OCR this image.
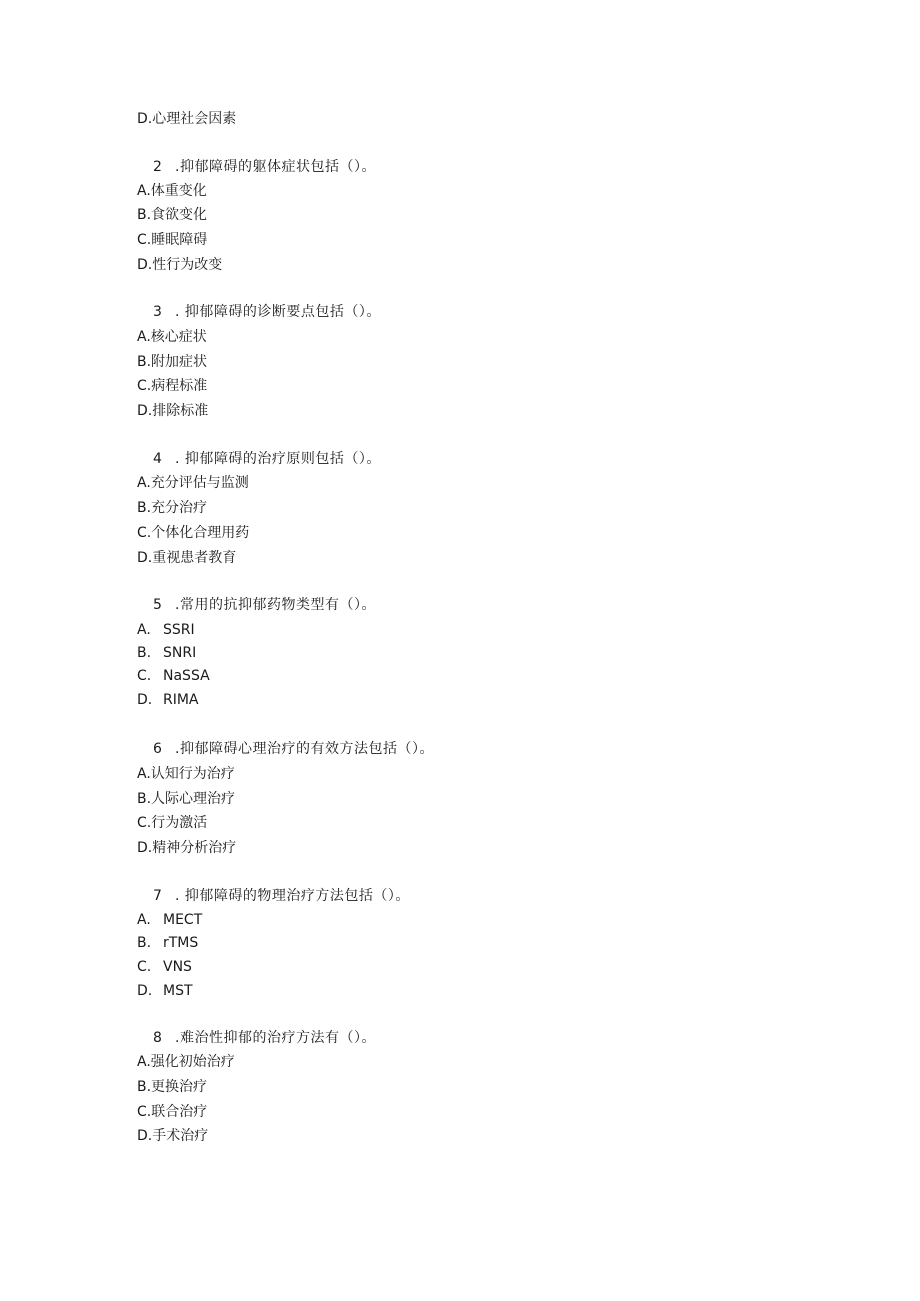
D.心理社会因素
2 .抑郁障碍的躯体症状包括（）。
A.体重变化
B.食欲变化
C.睡眠障碍
D.性行为改变
3 . 抑郁障碍的诊断要点包括（）。
A.核心症状
B.附加症状
C.病程标准
D.排除标准
4 . 抑郁障碍的治疗原则包括（）。
A.充分评估与监测
B.充分治疗
C.个体化合理用药
D.重视患者教育
5 .常用的抗抑郁药物类型有（）。
A. SSRI
B. SNRI
C. NaSSA
D. RIMA
6 .抑郁障碍心理治疗的有效方法包括（）。
A.认知行为治疗
B.人际心理治疗
C.行为激活
D.精神分析治疗
7 . 抑郁障碍的物理治疗方法包括（）。
A. MECT
B. rTMS
C. VNS
D. MST
8 .难治性抑郁的治疗方法有（）。
A.强化初始治疗
B.更换治疗
C.联合治疗
D.手术治疗
